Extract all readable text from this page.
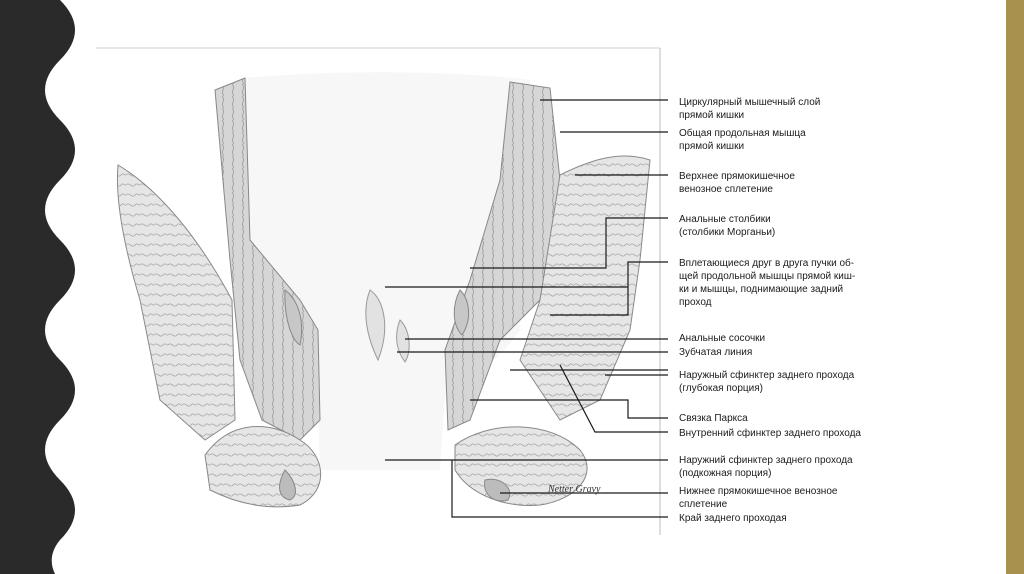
Netter Gravy
Циркулярный мышечный слой
прямой кишки
Общая продольная мышца
прямой кишки
Верхнее прямокишечное
венозное сплетение
Анальные столбики
(столбики Морганьи)
Вплетающиеся друг в друга пучки об-
щей продольной мышцы прямой киш-
ки и мышцы, поднимающие задний
проход
Анальные сосочки
Зубчатая линия
Наружный сфинктер заднего прохода
(глубокая порция)
Связка Паркса
Внутренний сфинктер заднего прохода
Наружний сфинктер заднего прохода
(подкожная порция)
Нижнее прямокишечное венозное
сплетение
Край заднего проходая
